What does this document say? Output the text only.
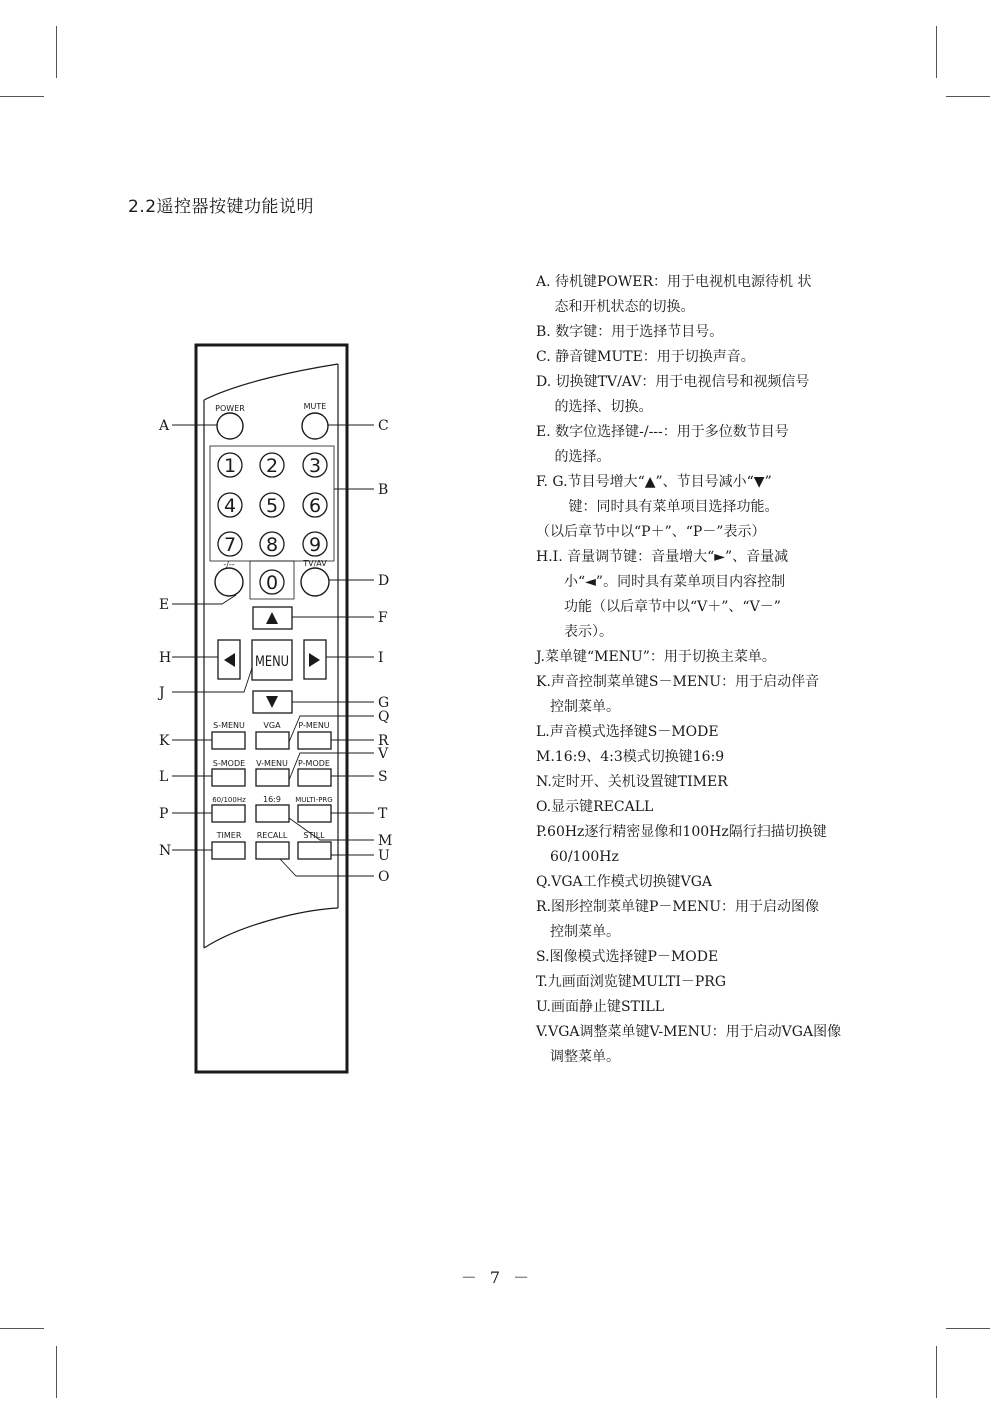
2.2遥控器按键功能说明
POWER	MUTE
1 2 3
4 5 6
7 8 9
0
-/--	TV/AV
MENU
S-MENU VGA P-MENU
S-MODE V-MENU P-MODE
60/100Hz 16:9 MULTI-PRG
TIMER RECALL STILL
A	C
B
D
E
F
H	I
J
G
Q
K	R
V
L	S
P	T
M
N	U
O
A. 待机键POWER：用于电视机电源待机 状
　 态和开机状态的切换。
B. 数字键：用于选择节目号。
C. 静音键MUTE：用于切换声音。
D. 切换键TV/AV：用于电视信号和视频信号
　 的选择、切换。
E. 数字位选择键-/---：用于多位数节目号
　 的选择。
F. G.节目号增大“▲”、节目号减小“▼”
　　 键：同时具有菜单项目选择功能。
（以后章节中以“P＋”、“P－”表示）
H.I. 音量调节键：音量增大“►”、音量减
　　小“◄”。同时具有菜单项目内容控制
　　功能（以后章节中以“V＋”、“V－”
　　表示）。
J.菜单键“MENU”：用于切换主菜单。
K.声音控制菜单键S－MENU：用于启动伴音
　控制菜单。
L.声音模式选择键S－MODE
M.16:9、4:3模式切换键16:9
N.定时开、关机设置键TIMER
O.显示键RECALL
P.60Hz逐行精密显像和100Hz隔行扫描切换键
　60/100Hz
Q.VGA工作模式切换键VGA
R.图形控制菜单键P－MENU：用于启动图像
　控制菜单。
S.图像模式选择键P－MODE
T.九画面浏览键MULTI－PRG
U.画面静止键STILL
V.VGA调整菜单键V-MENU：用于启动VGA图像
　调整菜单。
－ 7 －
